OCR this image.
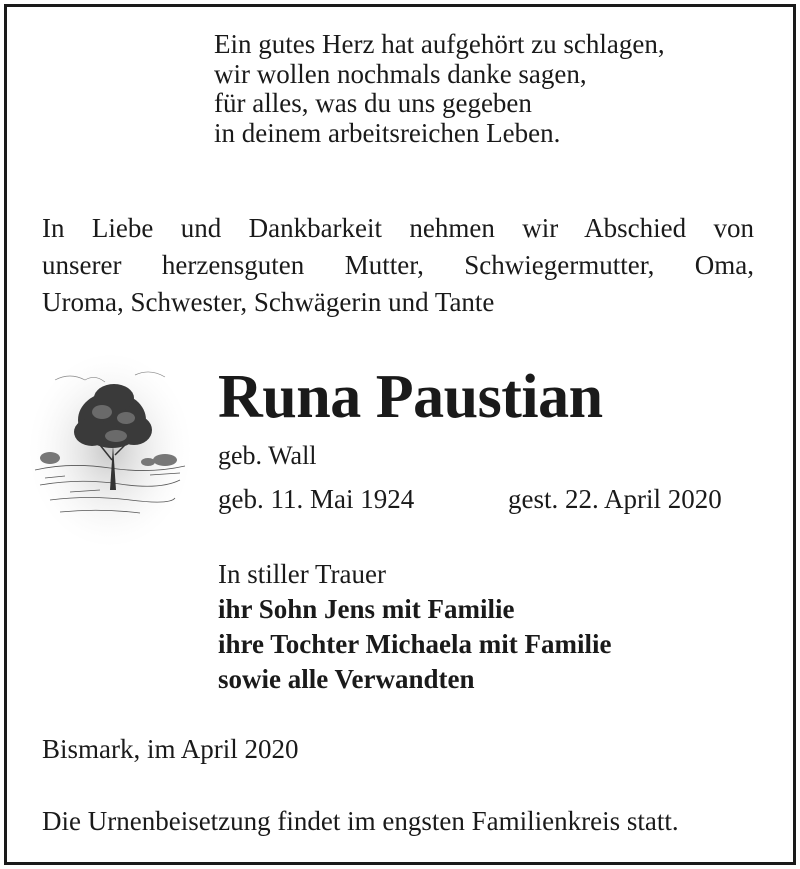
Ein gutes Herz hat aufgehört zu schlagen,
wir wollen nochmals danke sagen,
für alles, was du uns gegeben
in deinem arbeitsreichen Leben.
In Liebe und Dankbarkeit nehmen wir Abschied von
unserer herzensguten Mutter, Schwiegermutter, Oma,
Uroma, Schwester, Schwägerin und Tante
Runa Paustian
geb. Wall
geb. 11. Mai 1924	gest. 22. April 2020
In stiller Trauer
ihr Sohn Jens mit Familie
ihre Tochter Michaela mit Familie
sowie alle Verwandten
Bismark, im April 2020
Die Urnenbeisetzung findet im engsten Familienkreis statt.
